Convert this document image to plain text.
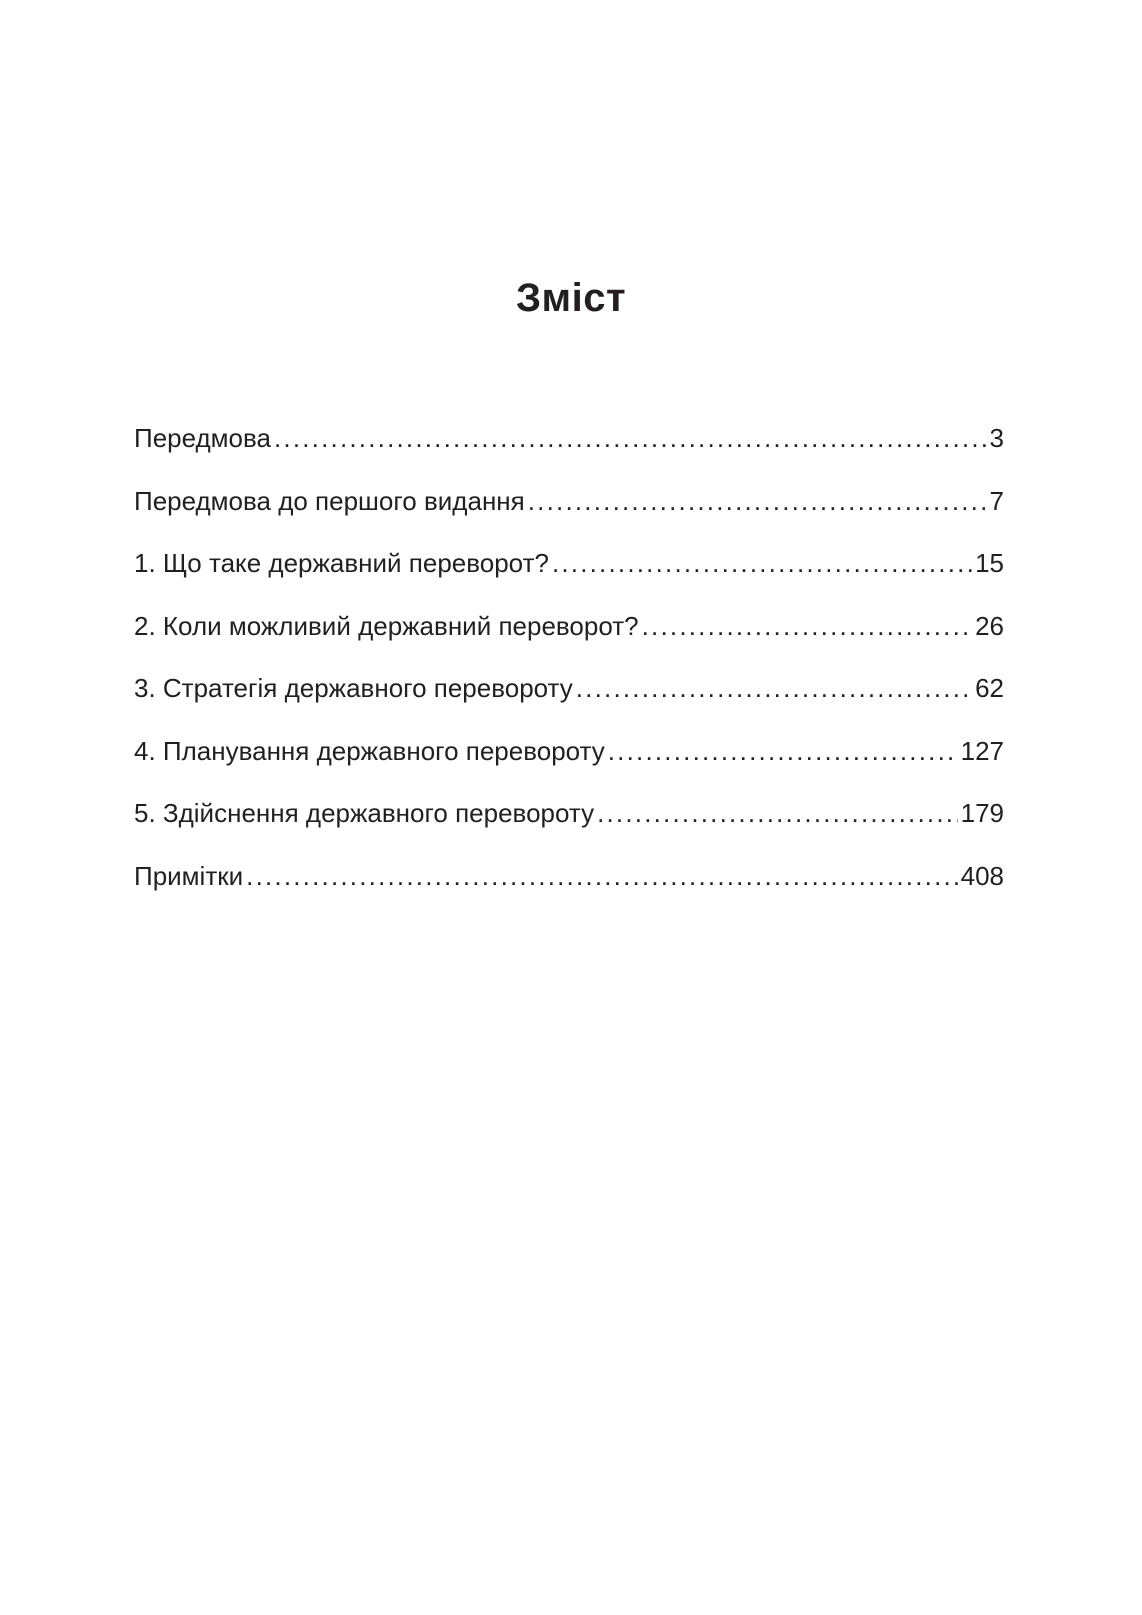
Зміст
Передмова .....	3
Передмова до першого видання .....	7
1. Що таке державний переворот? .....	15
2. Коли можливий державний переворот? .....	26
3. Стратегія державного перевороту .....	62
4. Планування державного перевороту .....	127
5. Здійснення державного перевороту .....	179
Примітки .....	408
